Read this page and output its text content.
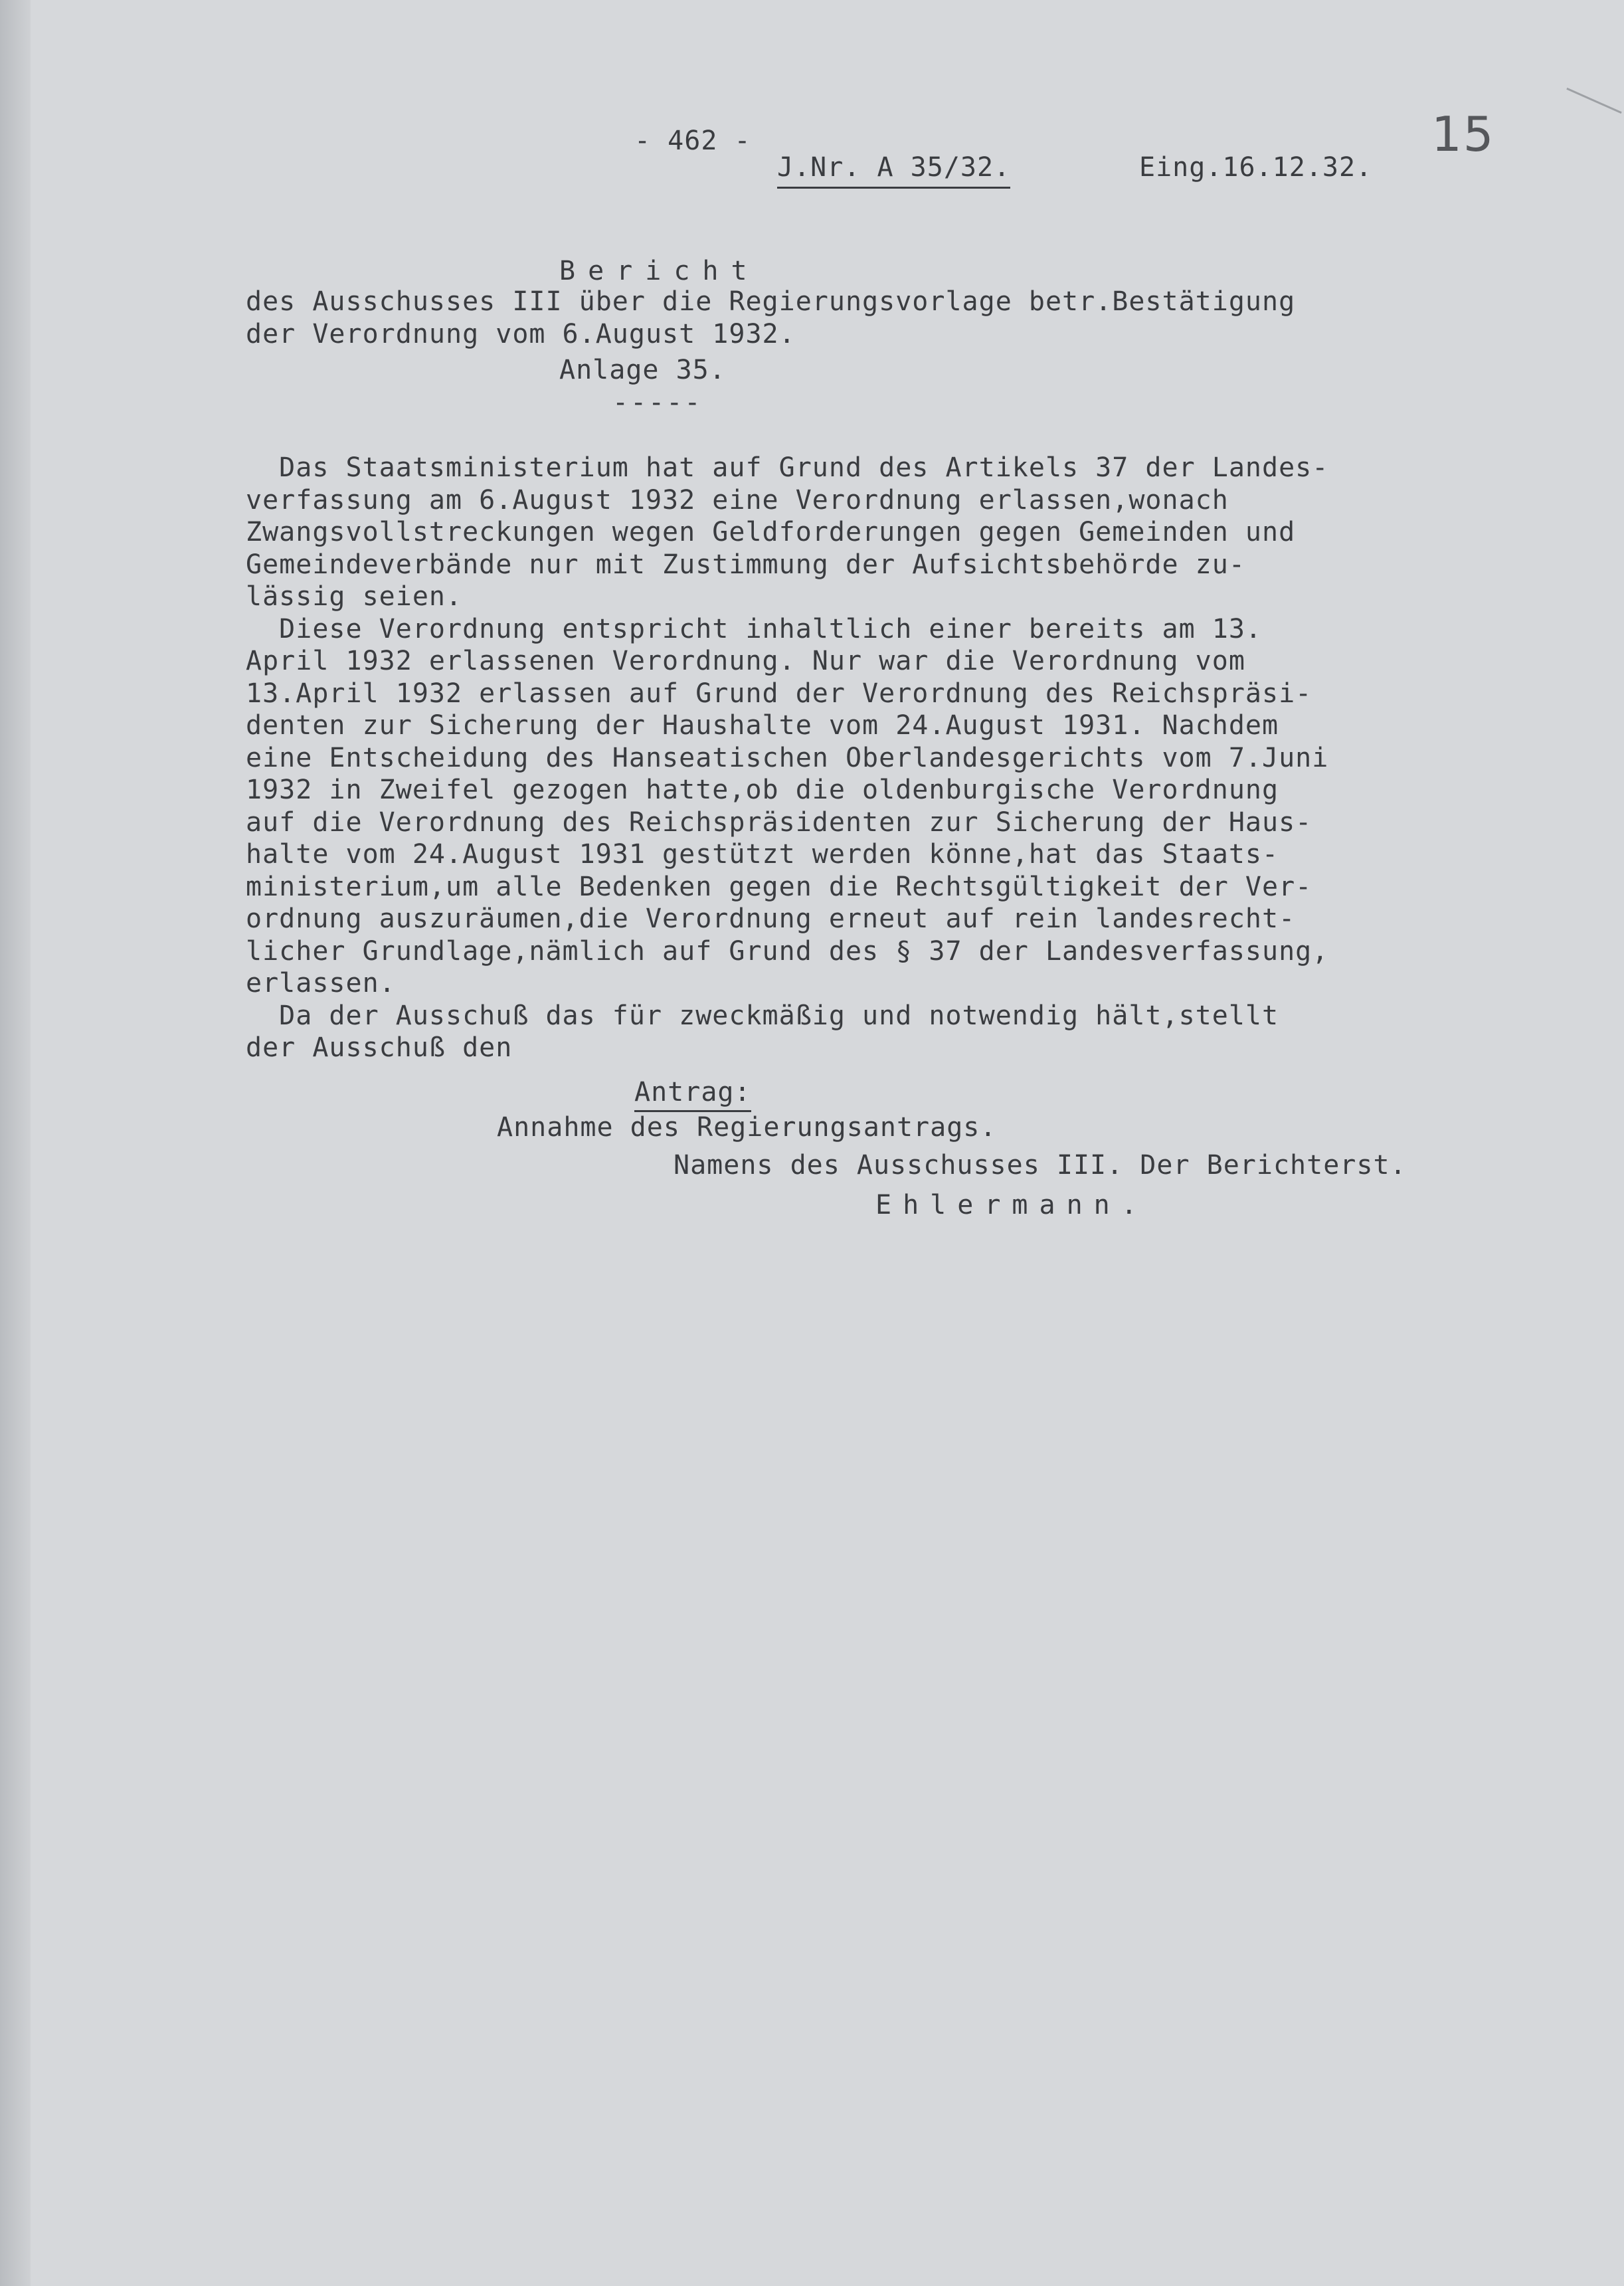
- 462 -
J.Nr. A 35/32.	Eing.16.12.32.
15
Bericht
des Ausschusses III über die Regierungsvorlage betr.Bestätigung
der Verordnung vom 6.August 1932.
Anlage 35.
-----
Das Staatsministerium hat auf Grund des Artikels 37 der Landes-
verfassung am 6.August 1932 eine Verordnung erlassen,wonach
Zwangsvollstreckungen wegen Geldforderungen gegen Gemeinden und
Gemeindeverbände nur mit Zustimmung der Aufsichtsbehörde zu-
lässig seien.
Diese Verordnung entspricht inhaltlich einer bereits am 13.
April 1932 erlassenen Verordnung. Nur war die Verordnung vom
13.April 1932 erlassen auf Grund der Verordnung des Reichspräsi-
denten zur Sicherung der Haushalte vom 24.August 1931. Nachdem
eine Entscheidung des Hanseatischen Oberlandesgerichts vom 7.Juni
1932 in Zweifel gezogen hatte,ob die oldenburgische Verordnung
auf die Verordnung des Reichspräsidenten zur Sicherung der Haus-
halte vom 24.August 1931 gestützt werden könne,hat das Staats-
ministerium,um alle Bedenken gegen die Rechtsgültigkeit der Ver-
ordnung auszuräumen,die Verordnung erneut auf rein landesrecht-
licher Grundlage,nämlich auf Grund des § 37 der Landesverfassung,
erlassen.
Da der Ausschuß das für zweckmäßig und notwendig hält,stellt
der Ausschuß den
Antrag:
Annahme des Regierungsantrags.
Namens des Ausschusses III. Der Berichterst.
Ehlermann.
